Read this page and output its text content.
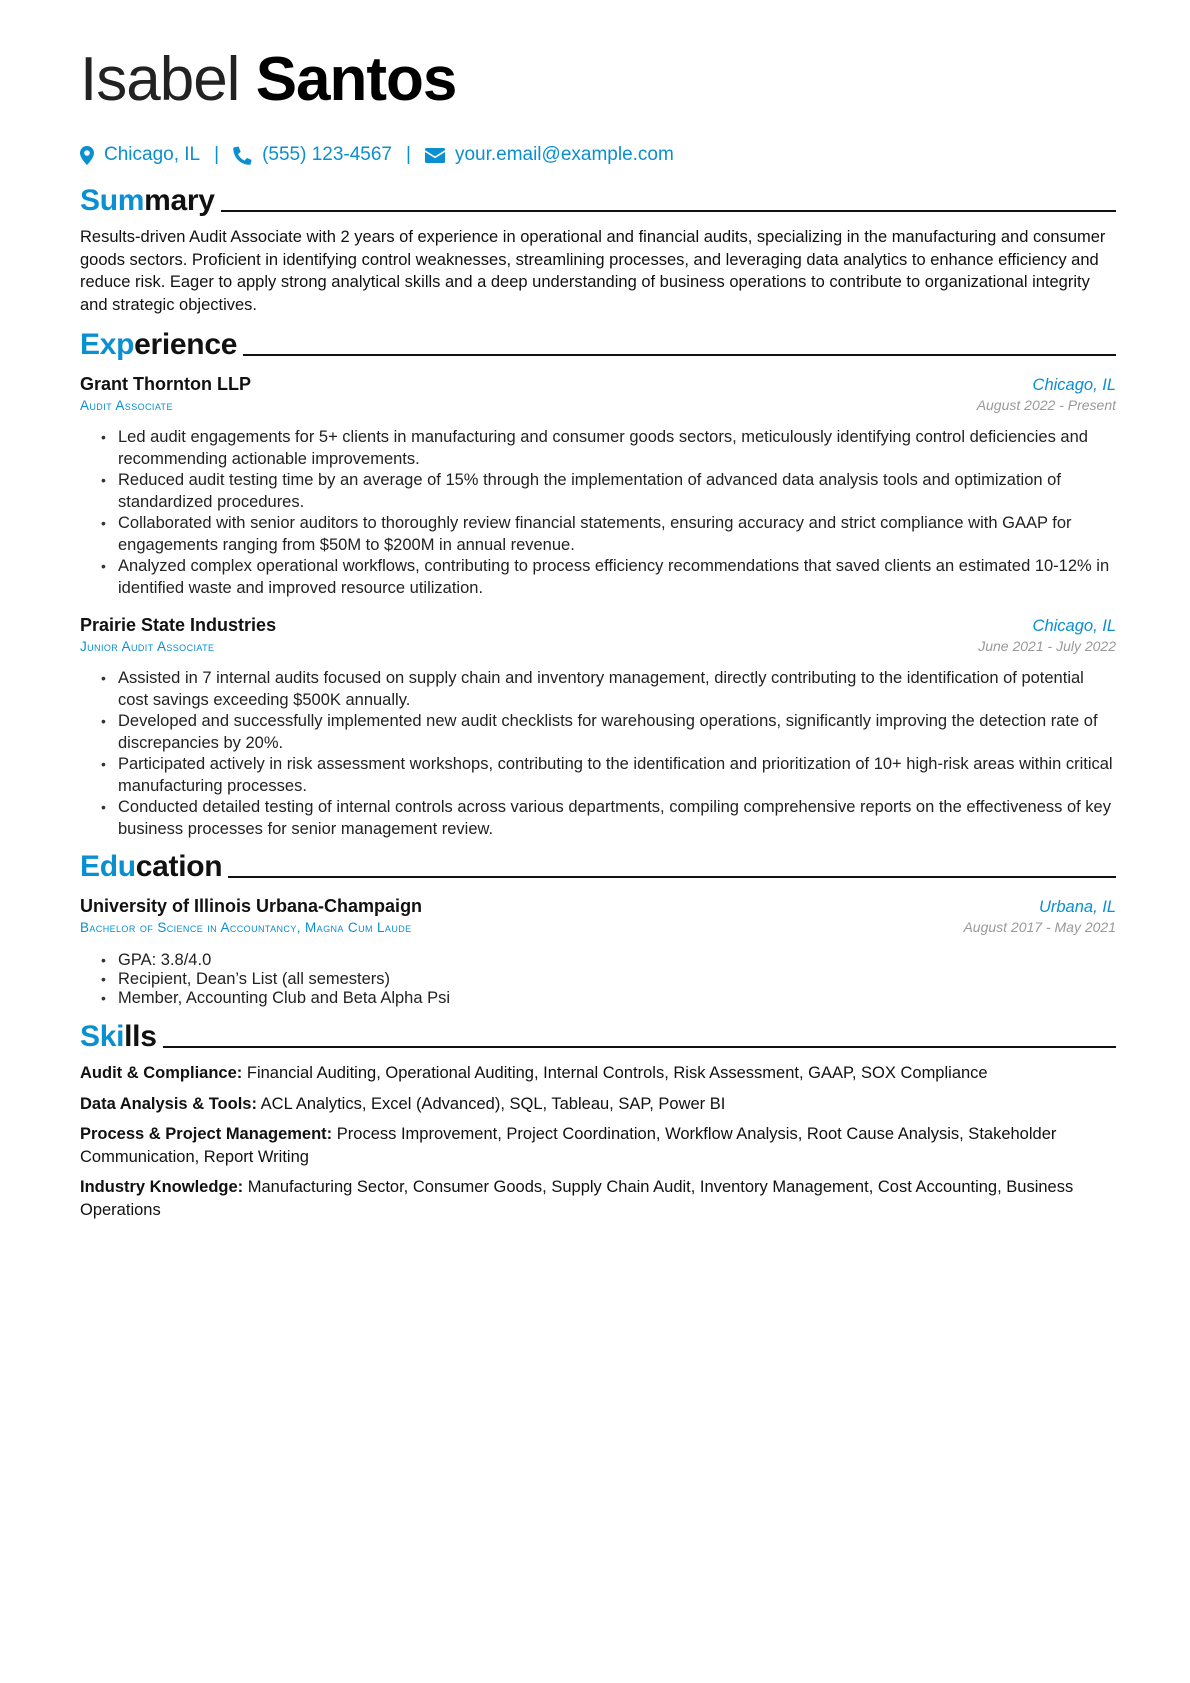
Isabel Santos
Chicago, IL | (555) 123-4567 | your.email@example.com
Summary

Results-driven Audit Associate with 2 years of experience in operational and financial audits, specializing in the manufacturing and consumer goods sectors. Proficient in identifying control weaknesses, streamlining processes, and leveraging data analytics to enhance efficiency and reduce risk. Eager to apply strong analytical skills and a deep understanding of business operations to contribute to organizational integrity and strategic objectives.

Experience
Grant Thornton LLP	Chicago, IL
Audit Associate	August 2022 - Present
• Led audit engagements for 5+ clients in manufacturing and consumer goods sectors, meticulously identifying control deficiencies and recommending actionable improvements.
• Reduced audit testing time by an average of 15% through the implementation of advanced data analysis tools and optimization of standardized procedures.
• Collaborated with senior auditors to thoroughly review financial statements, ensuring accuracy and strict compliance with GAAP for engagements ranging from $50M to $200M in annual revenue.
• Analyzed complex operational workflows, contributing to process efficiency recommendations that saved clients an estimated 10-12% in identified waste and improved resource utilization.
Prairie State Industries	Chicago, IL
Junior Audit Associate	June 2021 - July 2022
• Assisted in 7 internal audits focused on supply chain and inventory management, directly contributing to the identification of potential cost savings exceeding $500K annually.
• Developed and successfully implemented new audit checklists for warehousing operations, significantly improving the detection rate of discrepancies by 20%.
• Participated actively in risk assessment workshops, contributing to the identification and prioritization of 10+ high-risk areas within critical manufacturing processes.
• Conducted detailed testing of internal controls across various departments, compiling comprehensive reports on the effectiveness of key business processes for senior management review.
Education
University of Illinois Urbana-Champaign	Urbana, IL
Bachelor of Science in Accountancy, Magna Cum Laude	August 2017 - May 2021
• GPA: 3.8/4.0
• Recipient, Dean’s List (all semesters)
• Member, Accounting Club and Beta Alpha Psi
Skills
Audit & Compliance: Financial Auditing, Operational Auditing, Internal Controls, Risk Assessment, GAAP, SOX Compliance
Data Analysis & Tools: ACL Analytics, Excel (Advanced), SQL, Tableau, SAP, Power BI
Process & Project Management: Process Improvement, Project Coordination, Workflow Analysis, Root Cause Analysis, Stakeholder Communication, Report Writing
Industry Knowledge: Manufacturing Sector, Consumer Goods, Supply Chain Audit, Inventory Management, Cost Accounting, Business Operations
